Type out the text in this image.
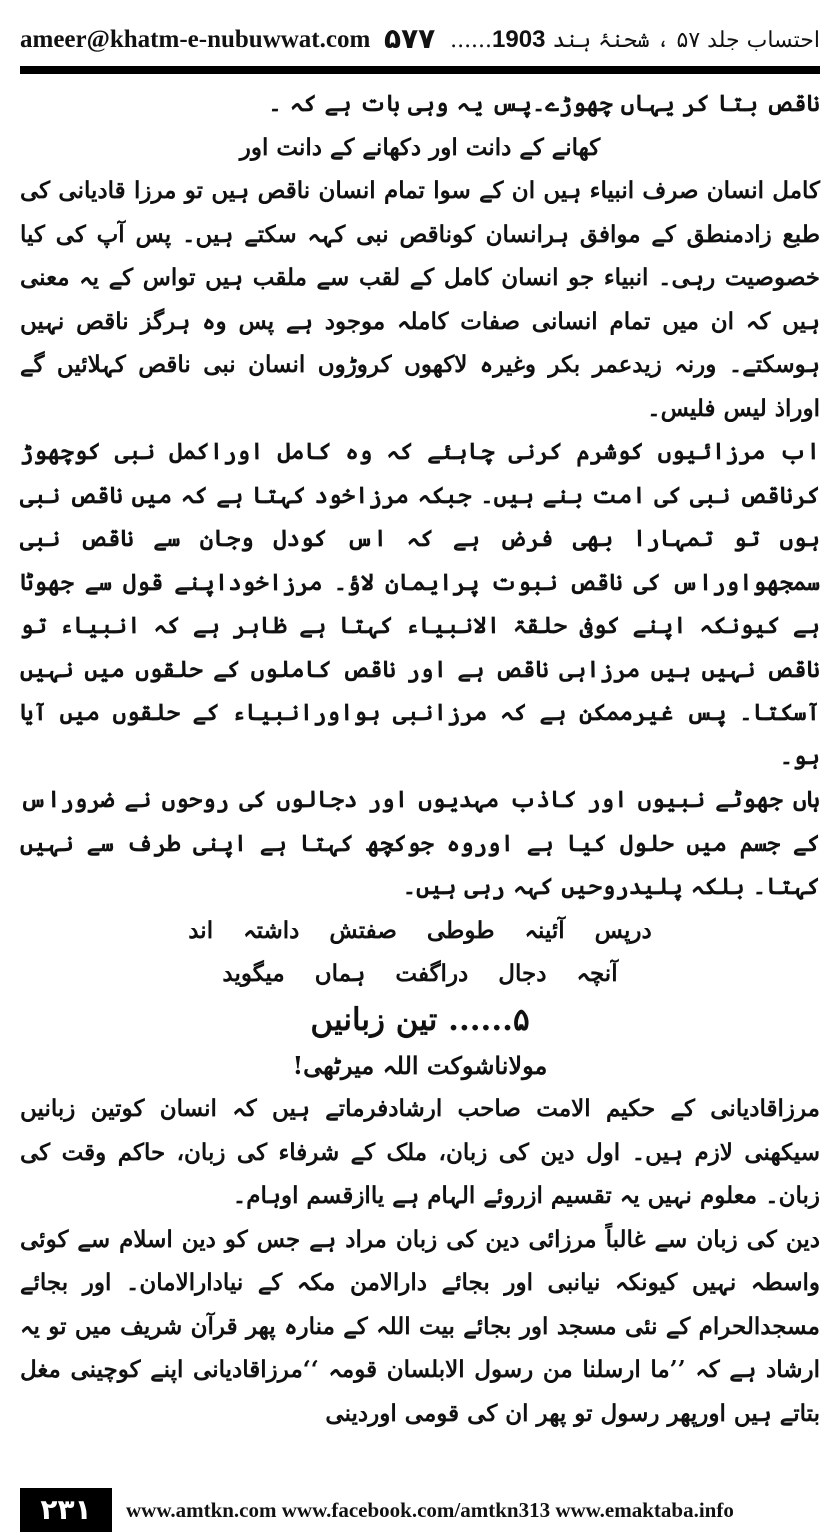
ameer@khatm-e-nubuwwat.com ۵۷۷	احتساب جلد ۵۷ ، شحنۂ ہند 1903......

ناقص بتا کر یہاں چھوڑے۔پس یہ وہی بات ہے کہ ۔

کھانے کے دانت اور دکھانے کے دانت اور

کامل انسان صرف انبیاء ہیں ان کے سوا تمام انسان ناقص ہیں تو مرزا قادیانی کی طبع زادمنطق کے موافق ہرانسان کوناقص نبی کہہ سکتے ہیں۔ پس آپ کی کیا خصوصیت رہی۔ انبیاء جو انسان کامل کے لقب سے ملقب ہیں تواس کے یہ معنی ہیں کہ ان میں تمام انسانی صفات کاملہ موجود ہے پس وہ ہرگز ناقص نہیں ہوسکتے۔ ورنہ زیدعمر بکر وغیرہ لاکھوں کروڑوں انسان نبی ناقص کہلائیں گے اوراذ لیس فلیس۔

اب مرزائیوں کوشرم کرنی چاہئے کہ وہ کامل اوراکمل نبی کوچھوڑ کرناقص نبی کی امت بنے ہیں۔ جبکہ مرزاخود کہتا ہے کہ میں ناقص نبی ہوں تو تمہارا بھی فرض ہے کہ اس کودل وجان سے ناقص نبی سمجھواوراس کی ناقص نبوت پرایمان لاؤ۔ مرزاخوداپنے قول سے جھوٹا ہے کیونکہ اپنے کوفی حلقۃ الانبیاء کہتا ہے ظاہر ہے کہ انبیاء تو ناقص نہیں ہیں مرزاہی ناقص ہے اور ناقص کاملوں کے حلقوں میں نہیں آسکتا۔ پس غیرممکن ہے کہ مرزانبی ہواورانبیاء کے حلقوں میں آیا ہو۔

ہاں جھوٹے نبیوں اور کاذب مہدیوں اور دجالوں کی روحوں نے ضروراس کے جسم میں حلول کیا ہے اوروہ جوکچھ کہتا ہے اپنی طرف سے نہیں کہتا۔ بلکہ پلیدروحیں کہہ رہی ہیں۔

درپس آئینہ طوطی صفتش داشتہ اند

آنچہ دجال دراگفت ہماں میگوید

۵...... تین زبانیں

مولاناشوکت اللہ میرٹھی!

مرزاقادیانی کے حکیم الامت صاحب ارشادفرماتے ہیں کہ انسان کوتین زبانیں سیکھنی لازم ہیں۔ اول دین کی زبان، ملک کے شرفاء کی زبان، حاکم وقت کی زبان۔ معلوم نہیں یہ تقسیم ازروئے الہام ہے یاازقسم اوہام۔

دین کی زبان سے غالباً مرزائی دین کی زبان مراد ہے جس کو دین اسلام سے کوئی واسطہ نہیں کیونکہ نیانبی اور بجائے دارالامن مکہ کے نیادارالامان۔ اور بجائے مسجدالحرام کے نئی مسجد اور بجائے بیت اللہ کے منارہ پھر قرآن شریف میں تو یہ ارشاد ہے کہ ’’ما ارسلنا من رسول الابلسان قومہ ‘‘مرزاقادیانی اپنے کوچینی مغل بتاتے ہیں اورپھر رسول تو پھر ان کی قومی اوردینی

۲۳۱	www.amtkn.com www.facebook.com/amtkn313 www.emaktaba.info
